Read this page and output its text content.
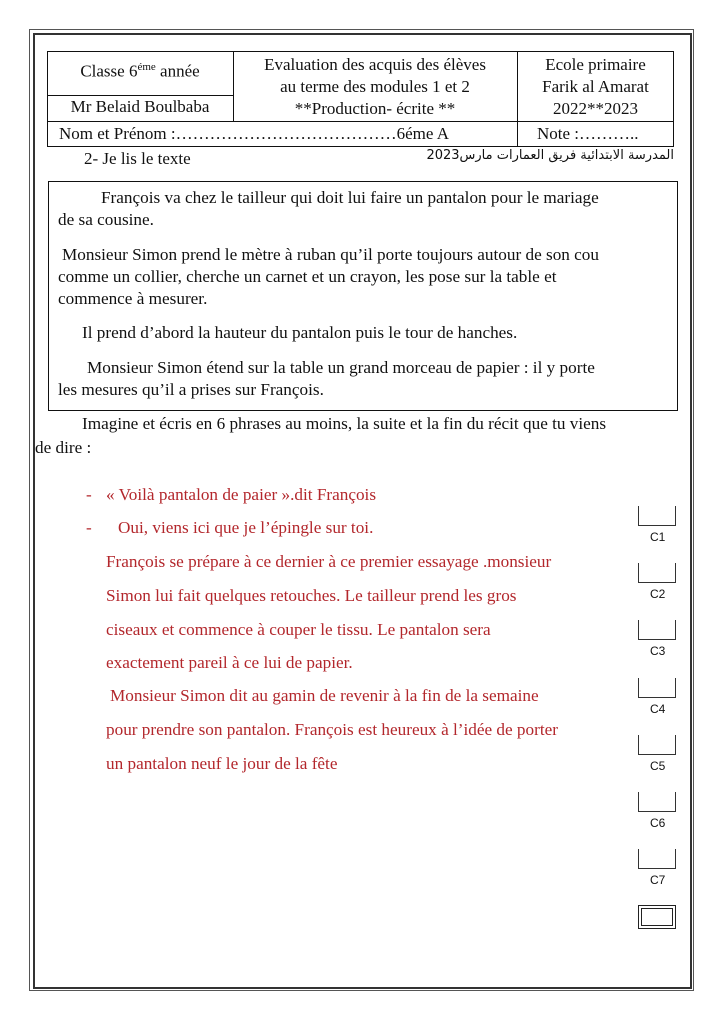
Classe $6^{éme}$ année
Mr Belaid Boulbaba
Evaluation des acquis des élèves
au terme des modules 1 et 2
**Production- écrite **
Ecole primaire
Farik al Amarat
2022**2023
Nom et Prénom :…………………………………6éme A	Note :………..
2- Je lis le texte	المدرسة الابتدائية فريق العمارات مارس2023
François va chez le tailleur qui doit lui faire un pantalon pour le mariage
de sa cousine.
Monsieur Simon prend le mètre à ruban qu’il porte toujours autour de son cou
comme un collier, cherche un carnet et un crayon, les pose sur la table et
commence à mesurer.
Il prend d’abord la hauteur du pantalon puis le tour de hanches.
Monsieur Simon étend sur la table un grand morceau de papier : il y porte
les mesures qu’il a prises sur François.
Imagine et écris en 6 phrases au moins, la suite et la fin du récit que tu viens
de dire :
- « Voilà pantalon de paier ».dit François
- Oui, viens ici que je l’épingle sur toi.
François se prépare à ce dernier à ce premier essayage .monsieur
Simon lui fait quelques retouches. Le tailleur prend les gros
ciseaux et commence à couper le tissu. Le pantalon sera
exactement pareil à ce lui de papier.
Monsieur Simon dit au gamin de revenir à la fin de la semaine
pour prendre son pantalon. François est heureux à l’idée de porter
un pantalon neuf le jour de la fête
C1
C2
C3
C4
C5
C6
C7
